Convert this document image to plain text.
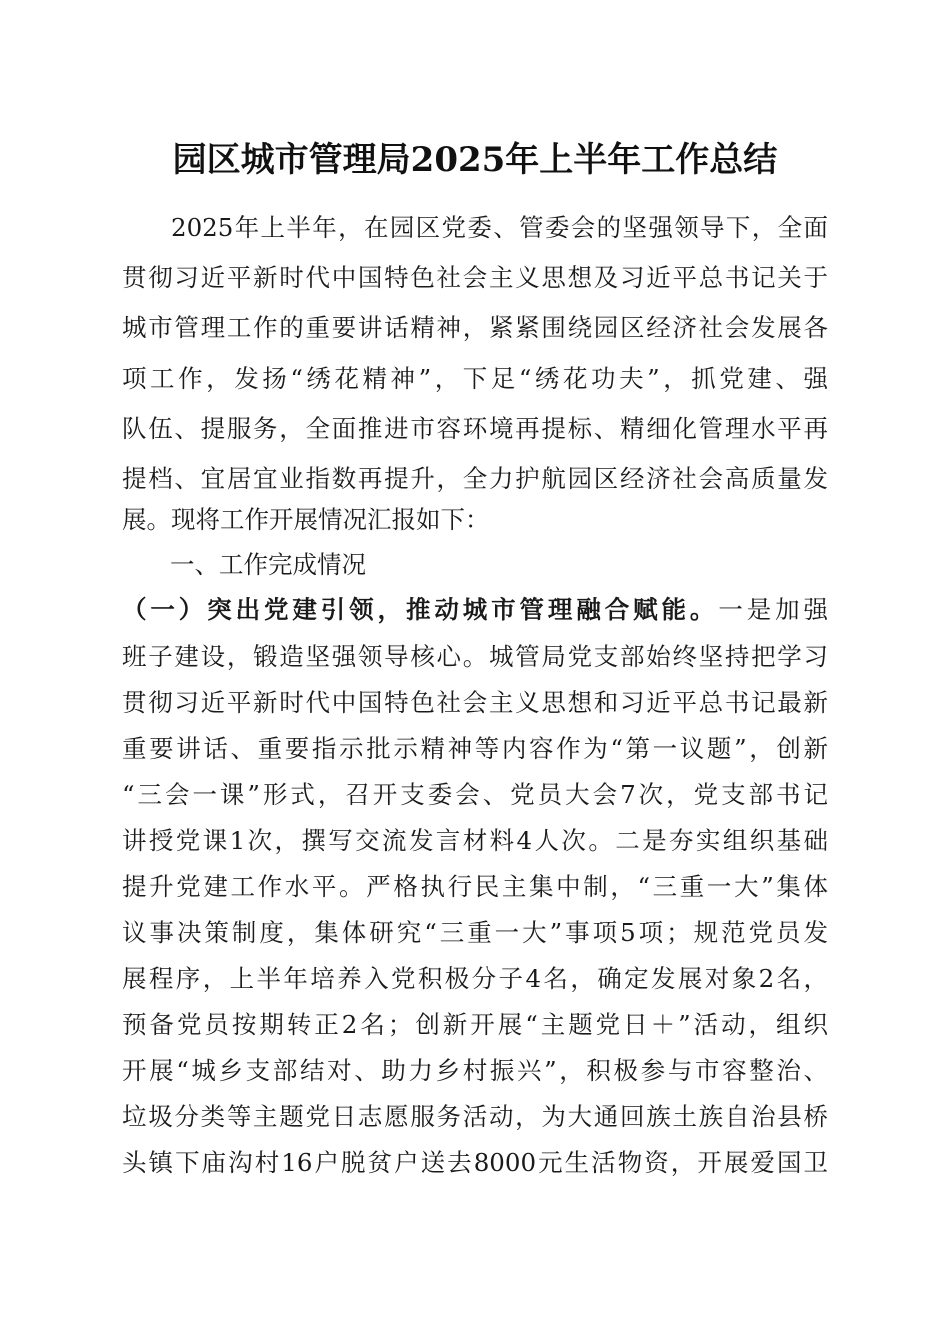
园区城市管理局2025年上半年工作总结
2025年上半年，在园区党委、管委会的坚强领导下，全面
贯彻习近平新时代中国特色社会主义思想及习近平总书记关于
城市管理工作的重要讲话精神，紧紧围绕园区经济社会发展各
项工作，发扬“绣花精神”，下足“绣花功夫”，抓党建、强
队伍、提服务，全面推进市容环境再提标、精细化管理水平再
提档、宜居宜业指数再提升，全力护航园区经济社会高质量发
展。现将工作开展情况汇报如下：
一、工作完成情况
（一）突出党建引领，推动城市管理融合赋能。一是加强
班子建设，锻造坚强领导核心。城管局党支部始终坚持把学习
贯彻习近平新时代中国特色社会主义思想和习近平总书记最新
重要讲话、重要指示批示精神等内容作为“第一议题”，创新
“三会一课”形式，召开支委会、党员大会7次，党支部书记
讲授党课1次，撰写交流发言材料4人次。二是夯实组织基础
提升党建工作水平。严格执行民主集中制，“三重一大”集体
议事决策制度，集体研究“三重一大”事项5项；规范党员发
展程序，上半年培养入党积极分子4名，确定发展对象2名，
预备党员按期转正2名；创新开展“主题党日＋”活动，组织
开展“城乡支部结对、助力乡村振兴”，积极参与市容整治、
垃圾分类等主题党日志愿服务活动，为大通回族土族自治县桥
头镇下庙沟村16户脱贫户送去8000元生活物资，开展爱国卫
